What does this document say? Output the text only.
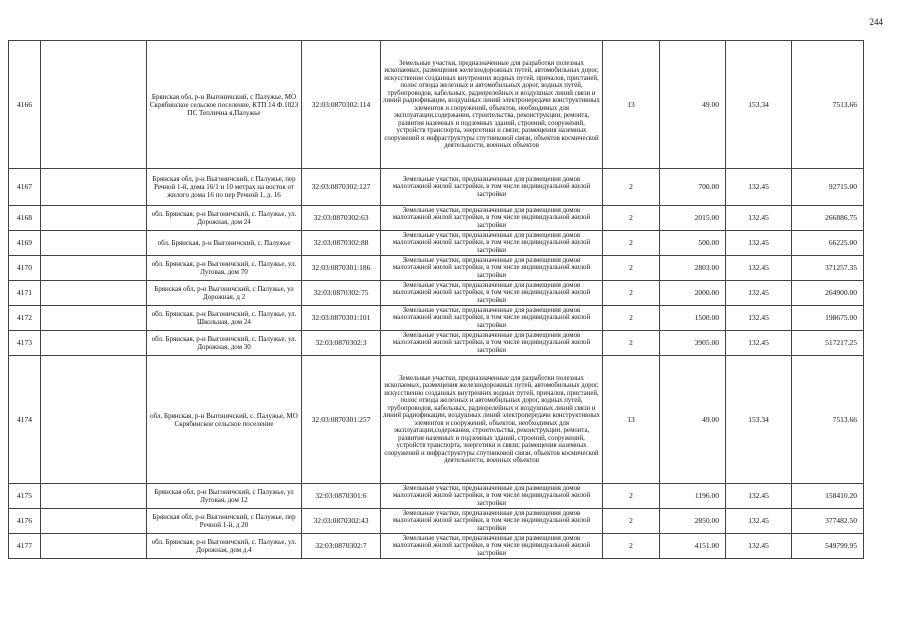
244
4166		Брянская обл, р-н Выгоничский, с Палужье, МО Скрябинское сельское поселение, КТП 14 Ф.1023 ПС Теплична я,Палужье	32:03:0870302:114	Земельные участки, предназначенные для разработки полезных ископаемых, размещения железнодорожных путей, автомобильных дорог, искусственно созданных внутренних водных путей, причалов, пристаней, полос отвода железных и автомобильных дорог, водных путей, трубопроводов, кабельных, радиорелейных и воздушных линий связи и линий радиофикации, воздушных линий электропередачи конструктивных элементов и сооружений, объектов, необходимых для эксплуатации,содержания, строительства, реконструкции, ремонта, развития наземных и подземных зданий, строений, сооружений, устройств транспорта, энергетики и связи; размещения наземных сооружений и инфраструктуры спутниковой связи, объектов космической деятельности, военных объектов	13	49.00	153.34	7513.66
4167		Брянская обл, р-н Выгоничский, с Палужье, пер Речной 1-й, дома 16/1 и 10 метрах на восток от жилого дома 16 по пер Речной 1, д. 16	32:03:0870302:127	Земельные участки, предназначенные для размещения домов малоэтажной жилой застройки, в том числе индивидуальной жилой застройки	2	700.00	132.45	92715.00
4168		обл. Брянская, р-н Выгоничский, с. Палужье, ул. Дорожная, дом 24	32:03:0870302:63	Земельные участки, предназначенные для размещения домов малоэтажной жилой застройки, в том числе индивидуальной жилой застройки	2	2015.00	132.45	266886.75
4169		обл. Брянская, р-н Выгоничский, с. Палужье	32:03:0870302:88	Земельные участки, предназначенные для размещения домов малоэтажной жилой застройки, в том числе индивидуальной жилой застройки	2	500.00	132.45	66225.00
4170		обл. Брянская, р-н Выгоничский, с. Палужье, ул. Луговая, дом 70	32:03:0870301:186	Земельные участки, предназначенные для размещения домов малоэтажной жилой застройки, в том числе индивидуальной жилой застройки	2	2803.00	132.45	371257.35
4171		Брянская обл, р-н Выгоничский, с Палужье, ул Дорожная, д 2	32:03:0870302:75	Земельные участки, предназначенные для размещения домов малоэтажной жилой застройки, в том числе индивидуальной жилой застройки	2	2000.00	132.45	264900.00
4172		обл. Брянская, р-н Выгоничский, с. Палужье, ул. Школьная, дом 24	32:03:0870301:101	Земельные участки, предназначенные для размещения домов малоэтажной жилой застройки, в том числе индивидуальной жилой застройки	2	1500.00	132.45	198675.00
4173		обл. Брянская, р-н Выгоничский, с. Палужье, ул. Дорожная, дом 30	32:03:0870302:3	Земельные участки, предназначенные для размещения домов малоэтажной жилой застройки, в том числе индивидуальной жилой застройки	2	3905.00	132.45	517217.25
4174		обл. Брянская, р-н Выгоничский, с. Палужье, МО Скрябинское сельское поселение	32:03:0870301:257	Земельные участки, предназначенные для разработки полезных ископаемых, размещения железнодорожных путей, автомобильных дорог, искусственно созданных внутренних водных путей, причалов, пристаней, полос отвода железных и автомобильных дорог, водных путей, трубопроводов, кабельных, радиорелейных и воздушных линий связи и линий радиофикации, воздушных линий электропередачи конструктивных элементов и сооружений, объектов, необходимых для эксплуатации,содержания, строительства, реконструкции, ремонта, развития наземных и подземных зданий, строений, сооружений, устройств транспорта, энергетики и связи; размещения наземных сооружений и инфраструктуры спутниковой связи, объектов космической деятельности, военных объектов	13	49.00	153.34	7513.66
4175		Брянская обл, р-н Выгоничский, с Палужье, ул Луговая, дом 12	32:03:0870301:6	Земельные участки, предназначенные для размещения домов малоэтажной жилой застройки, в том числе индивидуальной жилой застройки	2	1196.00	132.45	158410.20
4176		Брянская обл, р-н Выгоничский, с Палужье, пер Речной 1-й, д 20	32:03:0870302:43	Земельные участки, предназначенные для размещения домов малоэтажной жилой застройки, в том числе индивидуальной жилой застройки	2	2850.00	132.45	377482.50
4177		обл. Брянская, р-н Выгоничский, с. Палужье, ул. Дорожная, дом д.4	32:03:0870302:7	Земельные участки, предназначенные для размещения домов малоэтажной жилой застройки, в том числе индивидуальной жилой застройки	2	4151.00	132.45	549799.95
